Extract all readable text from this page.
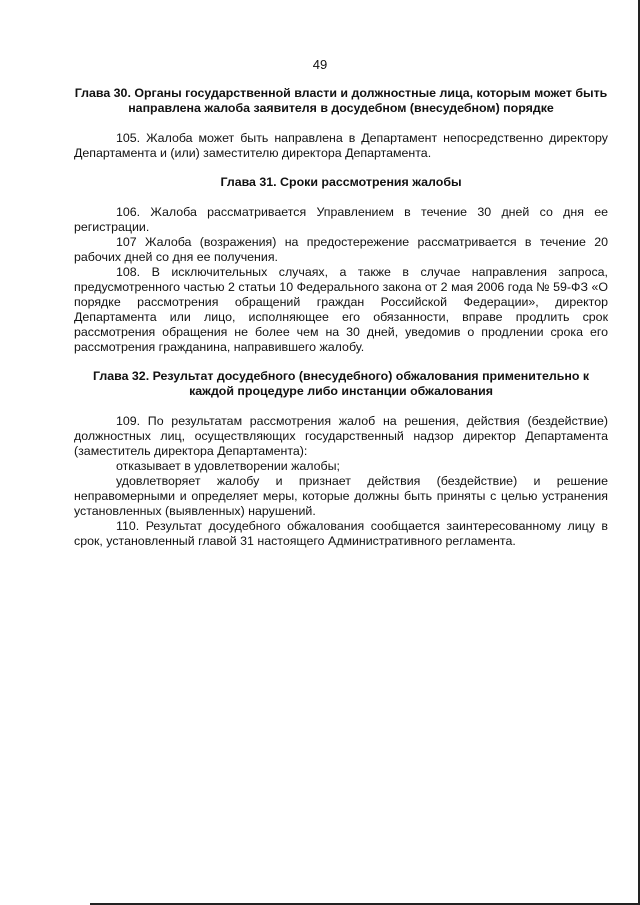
49
Глава 30. Органы государственной власти и должностные лица, которым может быть направлена жалоба заявителя в досудебном (внесудебном) порядке

105. Жалоба может быть направлена в Департамент непосредственно директору Департамента и (или) заместителю директора Департамента.

Глава 31. Сроки рассмотрения жалобы

106. Жалоба рассматривается Управлением в течение 30 дней со дня ее регистрации.

107 Жалоба (возражения) на предостережение рассматривается в течение 20 рабочих дней со дня ее получения.

108. В исключительных случаях, а также в случае направления запроса, предусмотренного частью 2 статьи 10 Федерального закона от 2 мая 2006 года № 59-ФЗ «О порядке рассмотрения обращений граждан Российской Федерации», директор Департамента или лицо, исполняющее его обязанности, вправе продлить срок рассмотрения обращения не более чем на 30 дней, уведомив о продлении срока его рассмотрения гражданина, направившего жалобу.

Глава 32. Результат досудебного (внесудебного) обжалования применительно к каждой процедуре либо инстанции обжалования

109. По результатам рассмотрения жалоб на решения, действия (бездействие) должностных лиц, осуществляющих государственный надзор директор Департамента (заместитель директора Департамента):

отказывает в удовлетворении жалобы;

удовлетворяет жалобу и признает действия (бездействие) и решение неправомерными и определяет меры, которые должны быть приняты с целью устранения установленных (выявленных) нарушений.

110. Результат досудебного обжалования сообщается заинтересованному лицу в срок, установленный главой 31 настоящего Административного регламента.
